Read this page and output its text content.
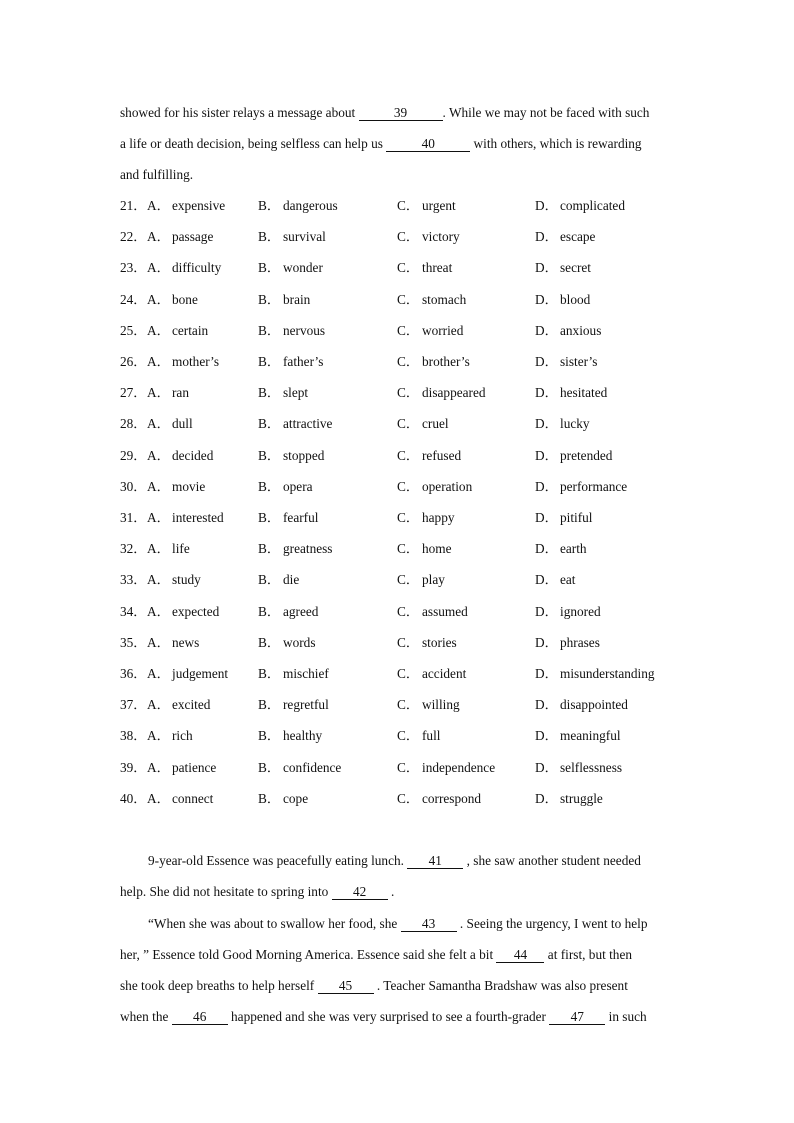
showed for his sister relays a message about	39	. While we may not be faced with such
a life or death decision, being selfless can help us	40	with others, which is rewarding
and fulfilling.
21． A． expensive B． dangerous	C． urgent	D． complicated
22． A． passage	B． survival	C． victory	D． escape
23． A． difficulty	B． wonder	C． threat	D． secret
24． A． bone	B． brain	C． stomach	D． blood
25． A． certain	B． nervous	C． worried	D． anxious
26． A． mother’s	B． father’s	C． brother’s	D． sister’s
27． A． ran	B． slept	C． disappeared	D． hesitated
28． A． dull	B． attractive	C． cruel	D． lucky
29． A． decided	B． stopped	C． refused	D． pretended
30． A． movie	B． opera	C． operation	D． performance
31． A． interested	B． fearful	C． happy	D． pitiful
32． A． life	B． greatness	C． home	D． earth
33． A． study	B． die	C． play	D． eat
34． A． expected	B． agreed	C． assumed	D． ignored
35． A． news	B． words	C． stories	D． phrases
36． A． judgement B． mischief	C． accident	D． misunderstanding
37． A． excited	B． regretful	C． willing	D． disappointed
38． A． rich	B． healthy	C． full	D． meaningful
39． A． patience	B． confidence	C． independence	D． selflessness
40． A． connect	B． cope	C． correspond	D． struggle
9-year-old Essence was peacefully eating lunch. 41 , she saw another student needed
help. She did not hesitate to spring into 42 .
“When she was about to swallow her food, she 43 . Seeing the urgency, I went to help
her, ” Essence told Good Morning America. Essence said she felt a bit 44 at first, but then
she took deep breaths to help herself 45 . Teacher Samantha Bradshaw was also present
when the 46 happened and she was very surprised to see a fourth-grader 47 in such
